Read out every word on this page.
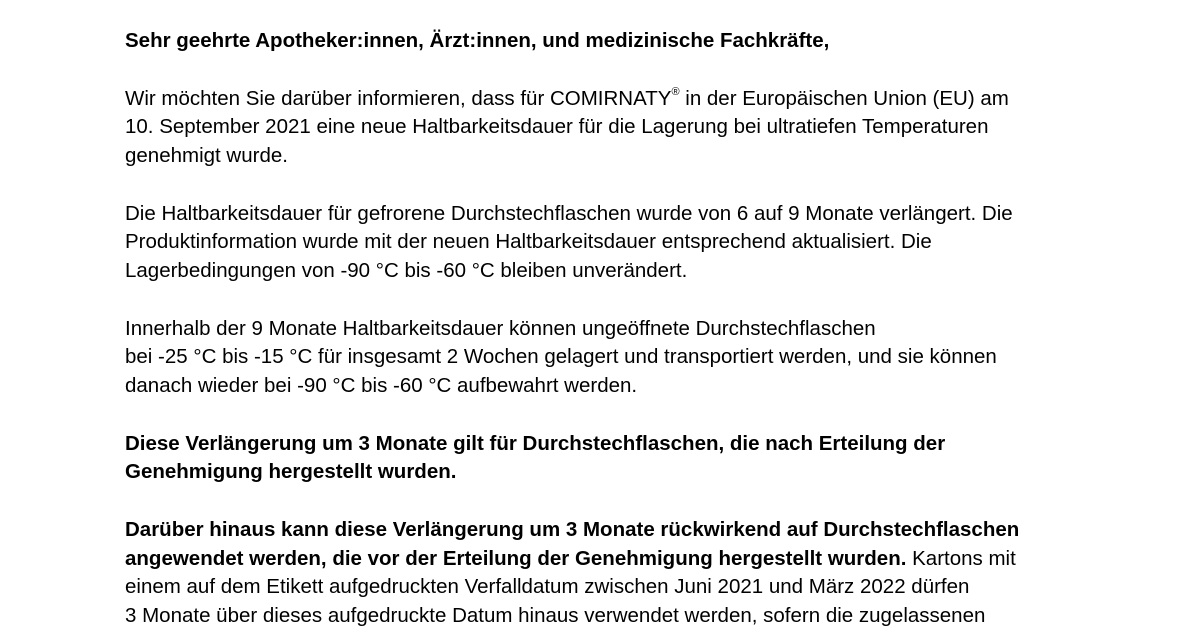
Sehr geehrte Apotheker:innen, Ärzt:innen, und medizinische Fachkräfte,
Wir möchten Sie darüber informieren, dass für COMIRNATY® in der Europäischen Union (EU) am
10. September 2021 eine neue Haltbarkeitsdauer für die Lagerung bei ultratiefen Temperaturen
genehmigt wurde.
Die Haltbarkeitsdauer für gefrorene Durchstechflaschen wurde von 6 auf 9 Monate verlängert. Die
Produktinformation wurde mit der neuen Haltbarkeitsdauer entsprechend aktualisiert. Die
Lagerbedingungen von -90 °C bis -60 °C bleiben unverändert.
Innerhalb der 9 Monate Haltbarkeitsdauer können ungeöffnete Durchstechflaschen
bei -25 °C bis -15 °C für insgesamt 2 Wochen gelagert und transportiert werden, und sie können
danach wieder bei -90 °C bis -60 °C aufbewahrt werden.
Diese Verlängerung um 3 Monate gilt für Durchstechflaschen, die nach Erteilung der
Genehmigung hergestellt wurden.
Darüber hinaus kann diese Verlängerung um 3 Monate rückwirkend auf Durchstechflaschen
angewendet werden, die vor der Erteilung der Genehmigung hergestellt wurden. Kartons mit
einem auf dem Etikett aufgedruckten Verfalldatum zwischen Juni 2021 und März 2022 dürfen
3 Monate über dieses aufgedruckte Datum hinaus verwendet werden, sofern die zugelassenen
